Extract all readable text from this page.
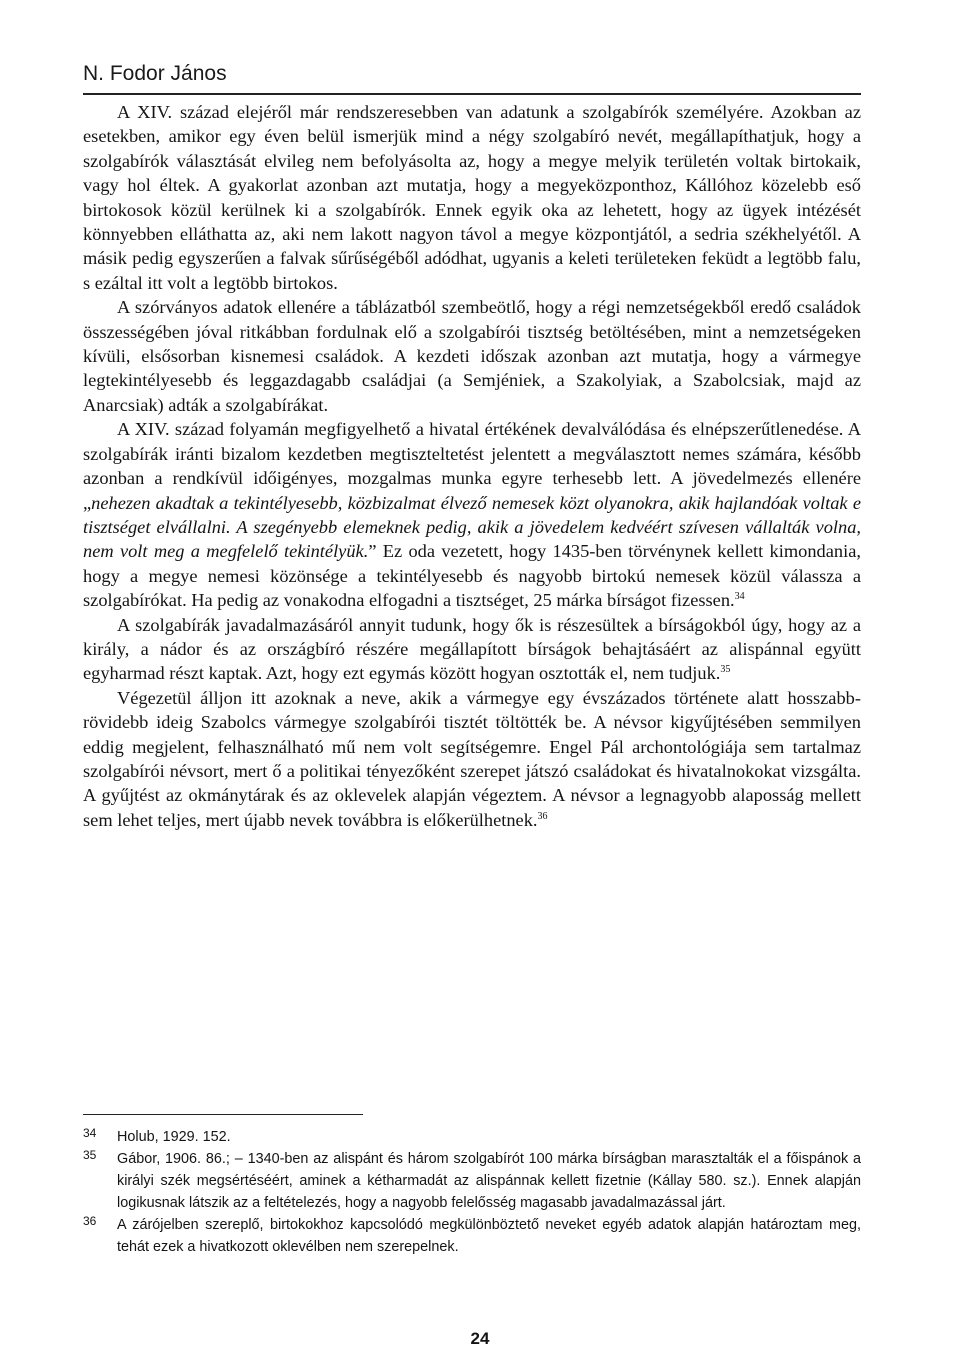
N. Fodor János

A XIV. század elejéről már rendszeresebben van adatunk a szolgabírók személyére. Azokban az esetekben, amikor egy éven belül ismerjük mind a négy szolgabíró nevét, megállapíthatjuk, hogy a szolgabírók választását elvileg nem befolyásolta az, hogy a megye melyik területén voltak birtokaik, vagy hol éltek. A gyakorlat azonban azt mutatja, hogy a megyeközponthoz, Kállóhoz közelebb eső birtokosok közül kerülnek ki a szolgabírók. Ennek egyik oka az lehetett, hogy az ügyek intézését könnyebben elláthatta az, aki nem lakott nagyon távol a megye központjától, a sedria székhelyétől. A másik pedig egyszerűen a falvak sűrűségéből adódhat, ugyanis a keleti területeken feküdt a legtöbb falu, s ezáltal itt volt a legtöbb birtokos.

A szórványos adatok ellenére a táblázatból szembeötlő, hogy a régi nemzetségekből eredő családok összességében jóval ritkábban fordulnak elő a szolgabírói tisztség betöltésében, mint a nemzetségeken kívüli, elsősorban kisnemesi családok. A kezdeti időszak azonban azt mutatja, hogy a vármegye legtekintélyesebb és leggazdagabb családjai (a Semjéniek, a Szakolyiak, a Szabolcsiak, majd az Anarcsiak) adták a szolgabírákat.

A XIV. század folyamán megfigyelhető a hivatal értékének devalválódása és elnépszerűtlenedése. A szolgabírák iránti bizalom kezdetben megtiszteltetést jelentett a megválasztott nemes számára, később azonban a rendkívül időigényes, mozgalmas munka egyre terhesebb lett. A jövedelmezés ellenére „nehezen akadtak a tekintélyesebb, közbizalmat élvező nemesek közt olyanokra, akik hajlandóak voltak e tisztséget elvállalni. A szegényebb elemeknek pedig, akik a jövedelem kedvéért szívesen vállalták volna, nem volt meg a megfelelő tekintélyük.” Ez oda vezetett, hogy 1435-ben törvénynek kellett kimondania, hogy a megye nemesi közönsége a tekintélyesebb és nagyobb birtokú nemesek közül válassza a szolgabírókat. Ha pedig az vonakodna elfogadni a tisztséget, 25 márka bírságot fizessen.$^{34}$

A szolgabírák javadalmazásáról annyit tudunk, hogy ők is részesültek a bírságokból úgy, hogy az a király, a nádor és az országbíró részére megállapított bírságok behajtásáért az alispánnal együtt egyharmad részt kaptak. Azt, hogy ezt egymás között hogyan osztották el, nem tudjuk.$^{35}$

Végezetül álljon itt azoknak a neve, akik a vármegye egy évszázados története alatt hosszabb-rövidebb ideig Szabolcs vármegye szolgabírói tisztét töltötték be. A névsor kigyűjtésében semmilyen eddig megjelent, felhasználható mű nem volt segítségemre. Engel Pál archontológiája sem tartalmaz szolgabírói névsort, mert ő a politikai tényezőként szerepet játszó családokat és hivatalnokokat vizsgálta. A gyűjtést az okmánytárak és az oklevelek alapján végeztem. A névsor a legnagyobb alaposság mellett sem lehet teljes, mert újabb nevek továbbra is előkerülhetnek.$^{36}$

34 Holub, 1929. 152.
35 Gábor, 1906. 86.; – 1340-ben az alispánt és három szolgabírót 100 márka bírságban marasztalták el a főispánok a királyi szék megsértéséért, aminek a kétharmadát az alispánnak kellett fizetnie (Kállay 580. sz.). Ennek alapján logikusnak látszik az a feltételezés, hogy a nagyobb felelősség magasabb javadalmazással járt.
36 A zárójelben szereplő, birtokokhoz kapcsolódó megkülönböztető neveket egyéb adatok alapján határoztam meg, tehát ezek a hivatkozott oklevélben nem szerepelnek.
24
